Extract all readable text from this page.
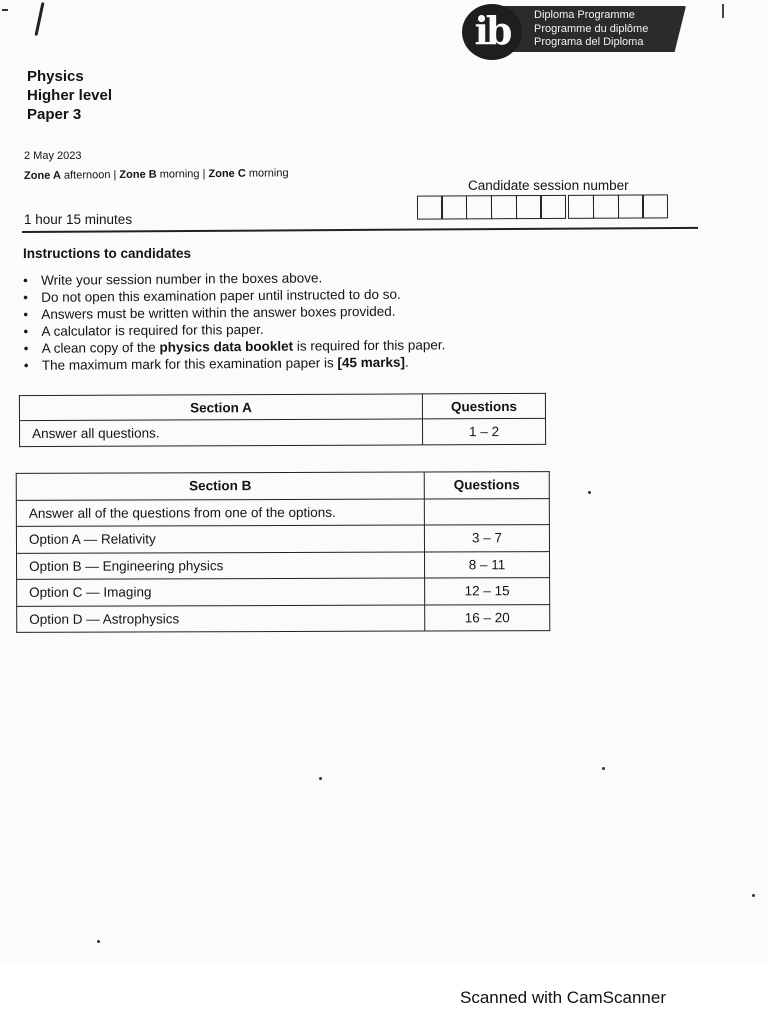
ib	Diploma Programme
Programme du diplôme
Programa del Diploma
Physics
Higher level
Paper 3
2 May 2023
Zone A afternoon | Zone B morning | Zone C morning
Candidate session number
1 hour 15 minutes
Instructions to candidates
• Write your session number in the boxes above.
• Do not open this examination paper until instructed to do so.
• Answers must be written within the answer boxes provided.
• A calculator is required for this paper.
• A clean copy of the physics data booklet is required for this paper.
• The maximum mark for this examination paper is [45 marks].
Section A	Questions
Answer all questions.	1 – 2
Section B	Questions
Answer all of the questions from one of the options.	
Option A — Relativity	3 – 7
Option B — Engineering physics	8 – 11
Option C — Imaging	12 – 15
Option D — Astrophysics	16 – 20
Scanned with CamScanner
